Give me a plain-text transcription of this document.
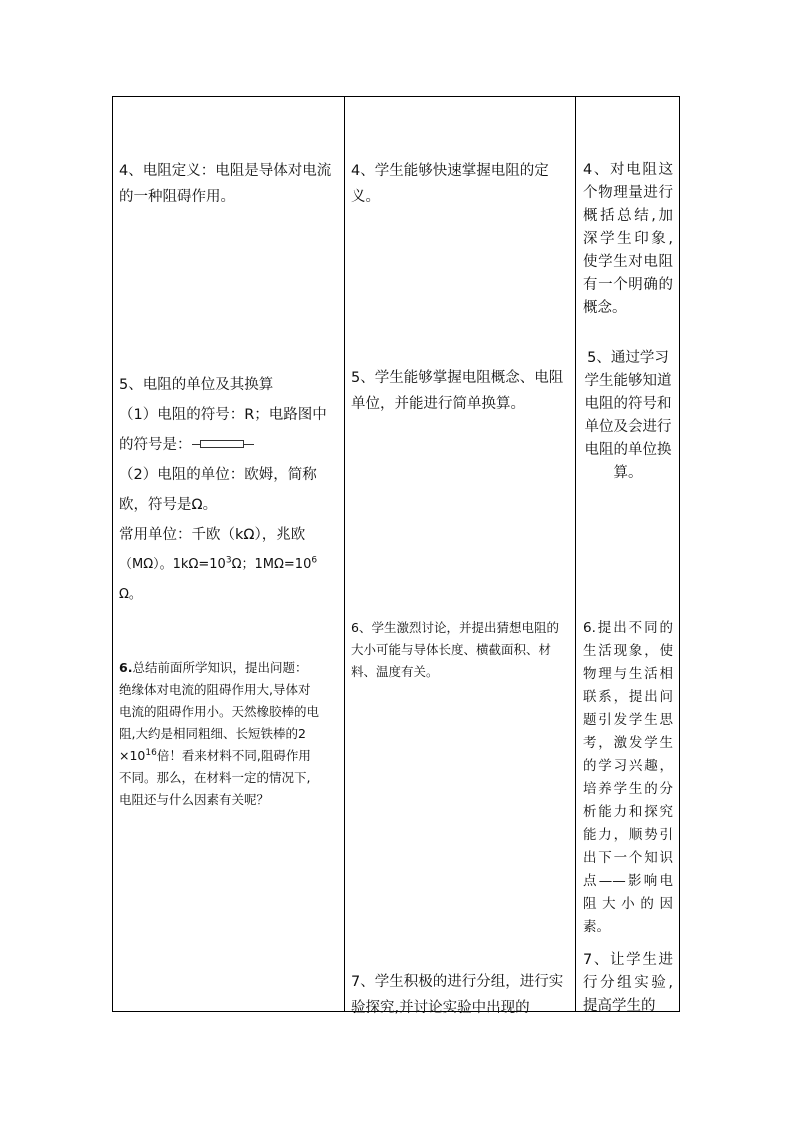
4、电阻定义：电阻是导体对电流的一种阻碍作用。

5、电阻的单位及其换算

（1）电阻的符号：R；电路图中

的符号是：

（2）电阻的单位：欧姆，简称

欧，符号是Ω。

常用单位：千欧（kΩ），兆欧

（MΩ）。$1k\Omega=10^3\Omega$；$1M\Omega=10^6$

Ω。

6.总结前面所学知识，提出问题：

绝缘体对电流的阻碍作用大,导体对

电流的阻碍作用小。天然橡胶棒的电

阻,大约是相同粗细、长短铁棒的2

$\times 10^{16}$倍！看来材料不同,阻碍作用

不同。那么，在材料一定的情况下,

电阻还与什么因素有关呢？

4、学生能够快速掌握电阻的定义。

5、学生能够掌握电阻概念、电阻单位，并能进行简单换算。

6、学生激烈讨论，并提出猜想电阻的大小可能与导体长度、横截面积、材料、温度有关。

7、学生积极的进行分组，进行实验探究,并讨论实验中出现的

4、对电阻这个物理量进行概括总结,加深学生印象,使学生对电阻有一个明确的概念。

5、通过学习学生能够知道电阻的符号和单位及会进行电阻的单位换算。

6.提出不同的生活现象，使物理与生活相联系，提出问题引发学生思考，激发学生的学习兴趣，培养学生的分析能力和探究能力，顺势引出下一个知识点——影响电阻大小的因素。

7、让学生进行分组实验,提高学生的
